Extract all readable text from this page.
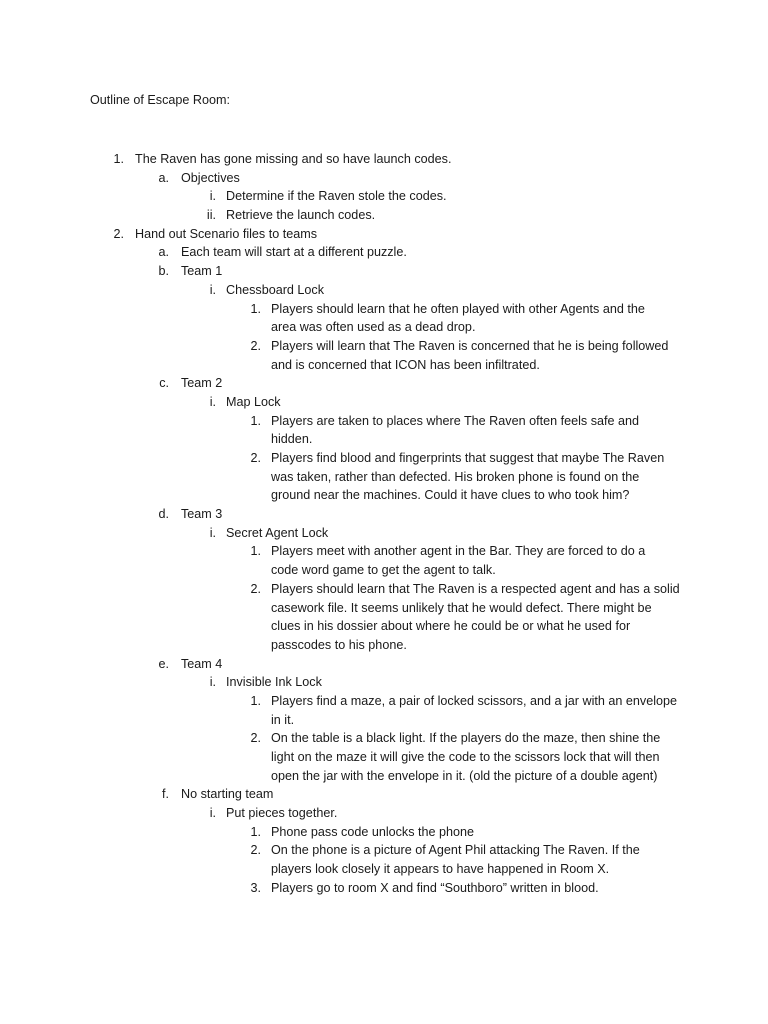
Outline of Escape Room:
1. The Raven has gone missing and so have launch codes.
a. Objectives
i. Determine if the Raven stole the codes.
ii. Retrieve the launch codes.
2. Hand out Scenario files to teams
a. Each team will start at a different puzzle.
b. Team 1
i. Chessboard Lock
1. Players should learn that he often played with other Agents and the
area was often used as a dead drop.
2. Players will learn that The Raven is concerned that he is being followed
and is concerned that ICON has been infiltrated.
c. Team 2
i. Map Lock
1. Players are taken to places where The Raven often feels safe and
hidden.
2. Players find blood and fingerprints that suggest that maybe The Raven
was taken, rather than defected. His broken phone is found on the
ground near the machines. Could it have clues to who took him?
d. Team 3
i. Secret Agent Lock
1. Players meet with another agent in the Bar. They are forced to do a
code word game to get the agent to talk.
2. Players should learn that The Raven is a respected agent and has a solid
casework file. It seems unlikely that he would defect. There might be
clues in his dossier about where he could be or what he used for
passcodes to his phone.
e. Team 4
i. Invisible Ink Lock
1. Players find a maze, a pair of locked scissors, and a jar with an envelope
in it.
2. On the table is a black light. If the players do the maze, then shine the
light on the maze it will give the code to the scissors lock that will then
open the jar with the envelope in it. (old the picture of a double agent)
f. No starting team
i. Put pieces together.
1. Phone pass code unlocks the phone
2. On the phone is a picture of Agent Phil attacking The Raven. If the
players look closely it appears to have happened in Room X.
3. Players go to room X and find “Southboro” written in blood.
